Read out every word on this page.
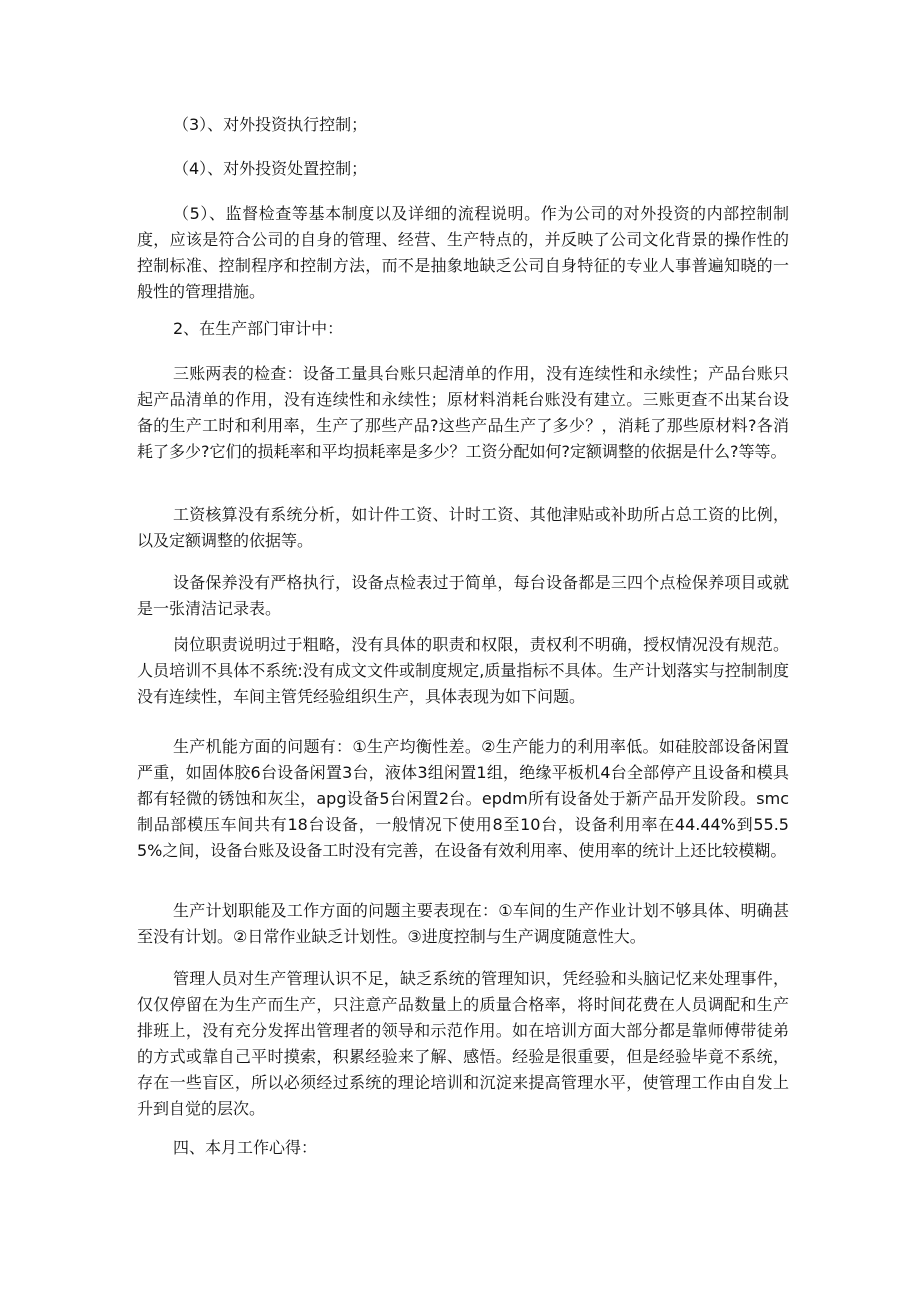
（3）、对外投资执行控制；

（4）、对外投资处置控制；

（5）、监督检查等基本制度以及详细的流程说明。作为公司的对外投资的内部控制制度，应该是符合公司的自身的管理、经营、生产特点的，并反映了公司文化背景的操作性的控制标准、控制程序和控制方法，而不是抽象地缺乏公司自身特征的专业人事普遍知晓的一般性的管理措施。

2、在生产部门审计中：

三账两表的检查：设备工量具台账只起清单的作用，没有连续性和永续性；产品台账只起产品清单的作用，没有连续性和永续性；原材料消耗台账没有建立。三账更查不出某台设备的生产工时和利用率，生产了那些产品?这些产品生产了多少？，消耗了那些原材料?各消耗了多少?它们的损耗率和平均损耗率是多少？工资分配如何?定额调整的依据是什么?等等。

工资核算没有系统分析，如计件工资、计时工资、其他津贴或补助所占总工资的比例，以及定额调整的依据等。

设备保养没有严格执行，设备点检表过于简单，每台设备都是三四个点检保养项目或就是一张清洁记录表。

岗位职责说明过于粗略，没有具体的职责和权限，责权利不明确，授权情况没有规范。人员培训不具体不系统:没有成文文件或制度规定,质量指标不具体。生产计划落实与控制制度没有连续性，车间主管凭经验组织生产，具体表现为如下问题。

生产机能方面的问题有：①生产均衡性差。②生产能力的利用率低。如硅胶部设备闲置严重，如固体胶6台设备闲置3台，液体3组闲置1组，绝缘平板机4台全部停产且设备和模具都有轻微的锈蚀和灰尘，apg设备5台闲置2台。epdm所有设备处于新产品开发阶段。smc制品部模压车间共有18台设备，一般情况下使用8至10台，设备利用率在44.44%到55.55%之间，设备台账及设备工时没有完善，在设备有效利用率、使用率的统计上还比较模糊。

生产计划职能及工作方面的问题主要表现在：①车间的生产作业计划不够具体、明确甚至没有计划。②日常作业缺乏计划性。③进度控制与生产调度随意性大。

管理人员对生产管理认识不足，缺乏系统的管理知识，凭经验和头脑记忆来处理事件，仅仅停留在为生产而生产，只注意产品数量上的质量合格率，将时间花费在人员调配和生产排班上，没有充分发挥出管理者的领导和示范作用。如在培训方面大部分都是靠师傅带徒弟的方式或靠自己平时摸索，积累经验来了解、感悟。经验是很重要，但是经验毕竟不系统，存在一些盲区，所以必须经过系统的理论培训和沉淀来提高管理水平，使管理工作由自发上升到自觉的层次。

四、本月工作心得：
